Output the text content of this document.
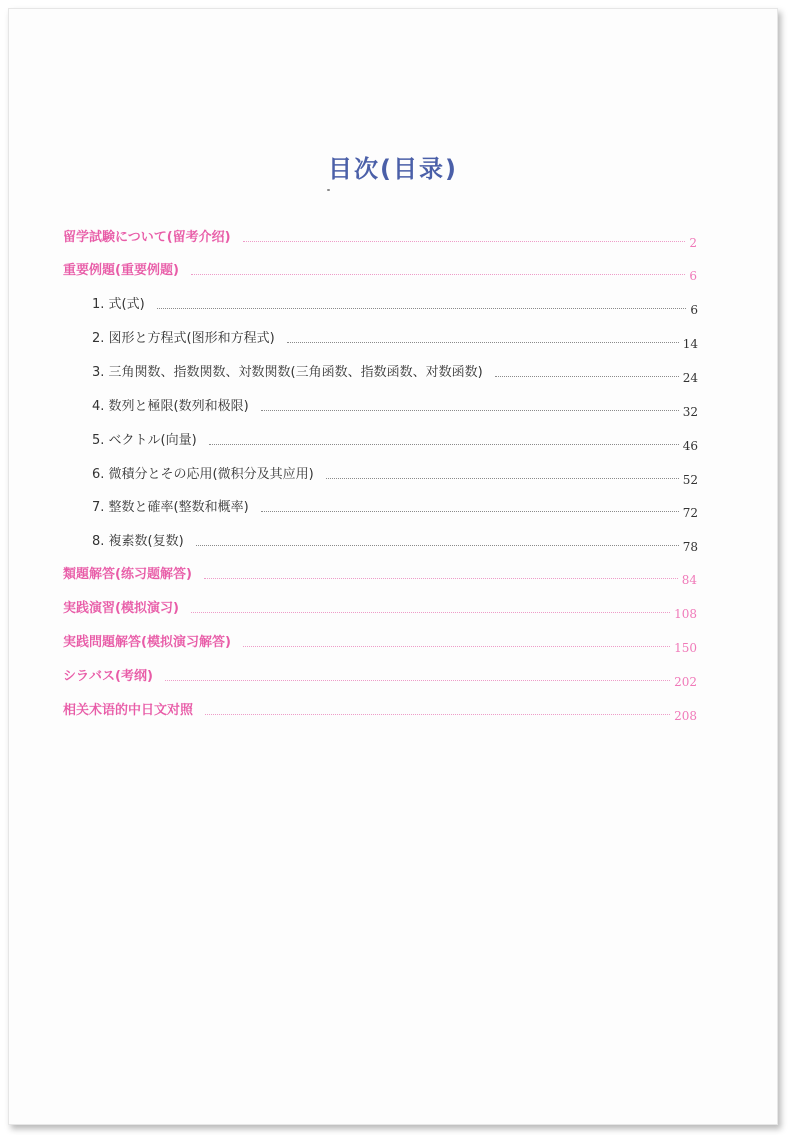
目次(目录)
留学試験について(留考介绍)	2
重要例題(重要例题)	6
1. 式(式)	6
2. 図形と方程式(图形和方程式)	14
3. 三角関数、指数関数、対数関数(三角函数、指数函数、对数函数)	24
4. 数列と極限(数列和极限)	32
5. ベクトル(向量)	46
6. 微積分とその応用(微积分及其应用)	52
7. 整数と確率(整数和概率)	72
8. 複素数(复数)	78
類題解答(练习题解答)	84
実践演習(模拟演习)	108
実践問題解答(模拟演习解答)	150
シラバス(考纲)	202
相关术语的中日文对照	208
